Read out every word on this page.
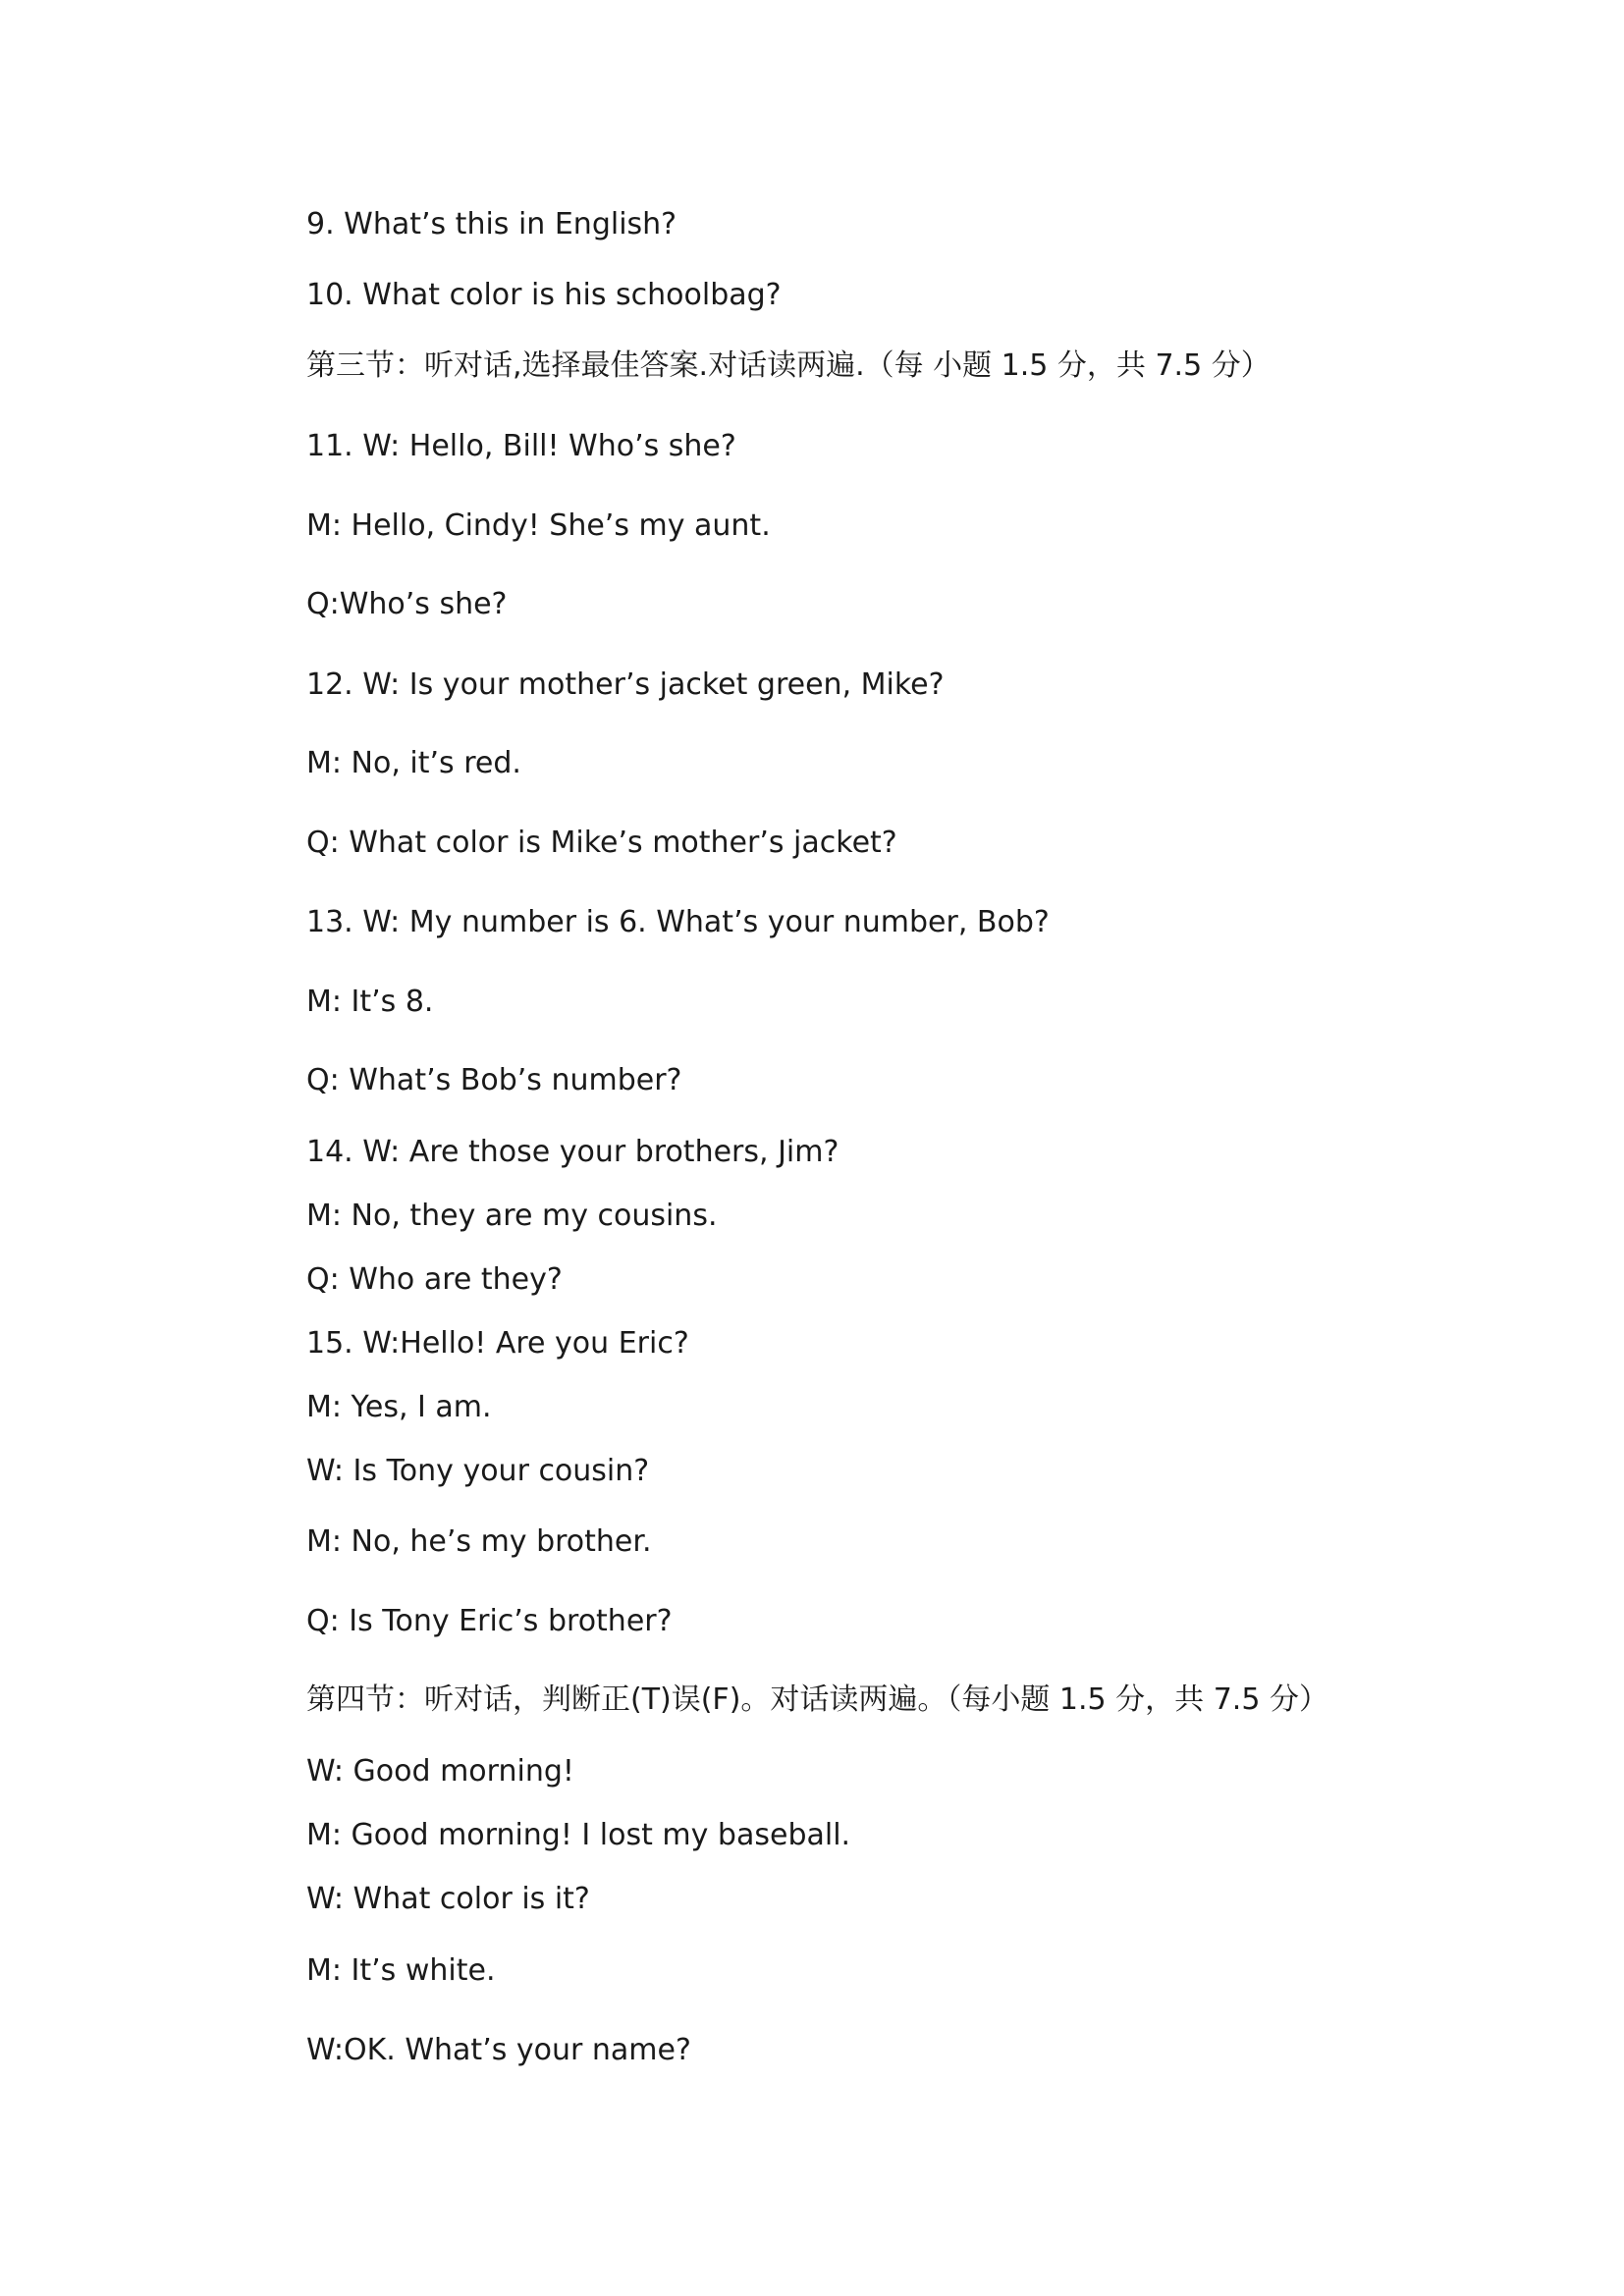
9. What’s this in English?

10. What color is his schoolbag?

第三节：听对话,选择最佳答案.对话读两遍.（每 小题 1.5 分，共 7.5 分）

11. W: Hello, Bill! Who’s she?

M: Hello, Cindy! She’s my aunt.

Q:Who’s she?

12. W: Is your mother’s jacket green, Mike?

M: No, it’s red.

Q: What color is Mike’s mother’s jacket?

13. W: My number is 6. What’s your number, Bob?

M: It’s 8.

Q: What’s Bob’s number?

14. W: Are those your brothers, Jim?

M: No, they are my cousins.

Q: Who are they?

15. W:Hello! Are you Eric?

M: Yes, I am.

W: Is Tony your cousin?

M: No, he’s my brother.

Q: Is Tony Eric’s brother?

第四节：听对话，判断正(T)误(F)。对话读两遍。（每小题 1.5 分，共 7.5 分）

W: Good morning!

M: Good morning! I lost my baseball.

W: What color is it?

M: It’s white.

W:OK. What’s your name?
